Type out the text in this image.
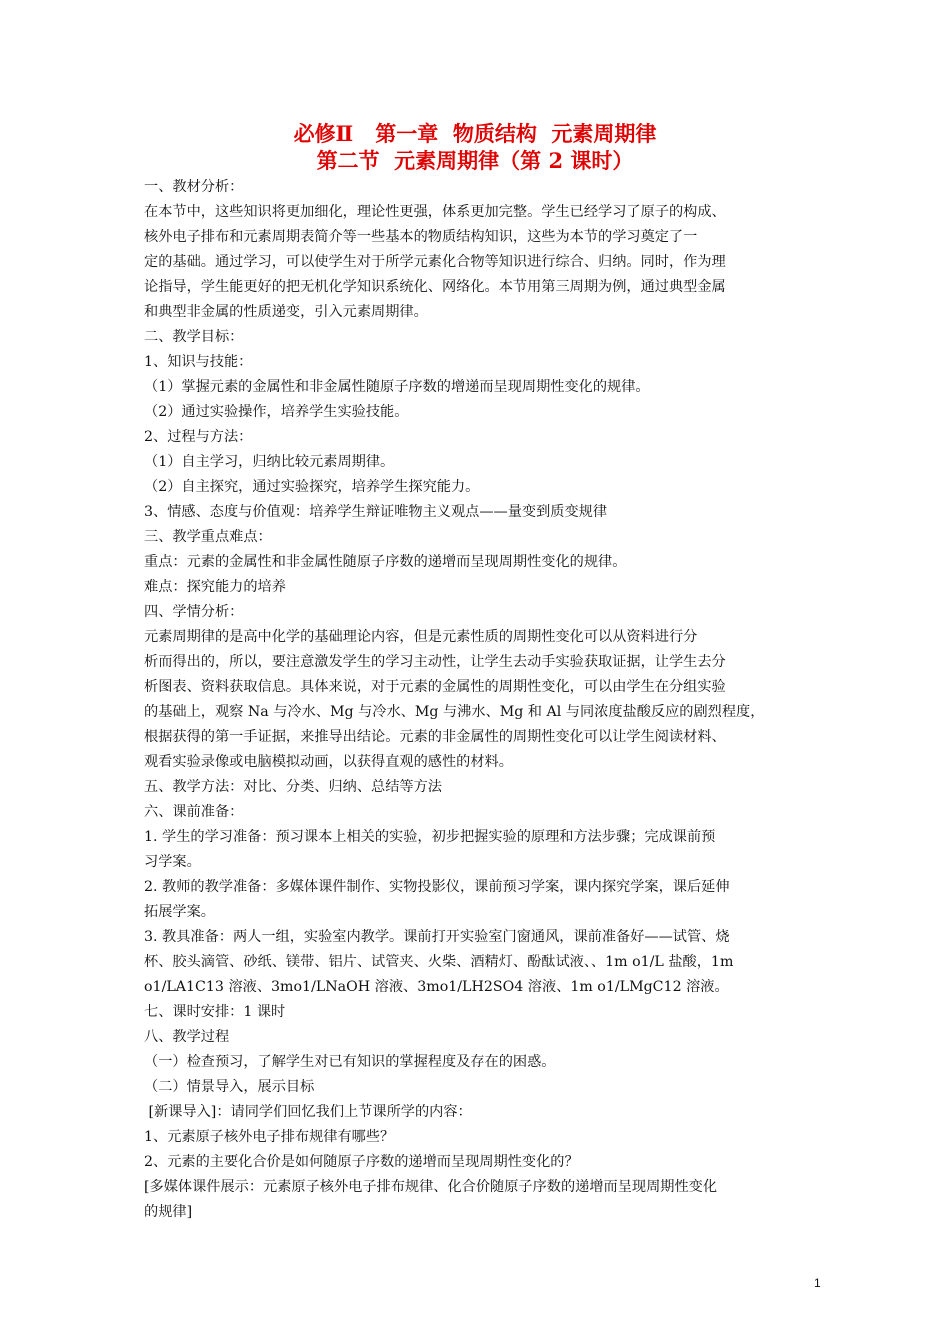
必修Ⅱ   第一章  物质结构  元素周期律
第二节  元素周期律（第 2 课时）
一、教材分析：
在本节中，这些知识将更加细化，理论性更强，体系更加完整。学生已经学习了原子的构成、
核外电子排布和元素周期表简介等一些基本的物质结构知识，这些为本节的学习奠定了一
定的基础。通过学习，可以使学生对于所学元素化合物等知识进行综合、归纳。同时，作为理
论指导，学生能更好的把无机化学知识系统化、网络化。本节用第三周期为例，通过典型金属
和典型非金属的性质递变，引入元素周期律。
二、教学目标：
1、知识与技能：
（1）掌握元素的金属性和非金属性随原子序数的增递而呈现周期性变化的规律。
（2）通过实验操作，培养学生实验技能。
2、过程与方法：
（1）自主学习，归纳比较元素周期律。
（2）自主探究，通过实验探究，培养学生探究能力。
3、情感、态度与价值观：培养学生辩证唯物主义观点——量变到质变规律
三、教学重点难点：
重点：元素的金属性和非金属性随原子序数的递增而呈现周期性变化的规律。
难点：探究能力的培养
四、学情分析：
元素周期律的是高中化学的基础理论内容，但是元素性质的周期性变化可以从资料进行分
析而得出的，所以，要注意激发学生的学习主动性，让学生去动手实验获取证据，让学生去分
析图表、资料获取信息。具体来说，对于元素的金属性的周期性变化，可以由学生在分组实验
的基础上，观察 Na 与冷水、Mg 与冷水、Mg 与沸水、Mg 和 Al 与同浓度盐酸反应的剧烈程度，
根据获得的第一手证据，来推导出结论。元素的非金属性的周期性变化可以让学生阅读材料、
观看实验录像或电脑模拟动画，以获得直观的感性的材料。
五、教学方法：对比、分类、归纳、总结等方法
六、课前准备：
1. 学生的学习准备：预习课本上相关的实验，初步把握实验的原理和方法步骤；完成课前预
习学案。
2. 教师的教学准备：多媒体课件制作、实物投影仪，课前预习学案，课内探究学案，课后延伸
拓展学案。
3. 教具准备：两人一组，实验室内教学。课前打开实验室门窗通风，课前准备好——试管、烧
杯、胶头滴管、砂纸、镁带、铝片、试管夹、火柴、酒精灯、酚酞试液、、1m o1/L 盐酸，1m
o1/LA1C13 溶液、3mo1/LNaOH 溶液、3mo1/LH2SO4 溶液、1m o1/LMgC12 溶液。
七、课时安排：1 课时
八、教学过程
（一）检查预习，了解学生对已有知识的掌握程度及存在的困惑。
（二）情景导入，展示目标
[新课导入]：请同学们回忆我们上节课所学的内容：
1、元素原子核外电子排布规律有哪些？
2、元素的主要化合价是如何随原子序数的递增而呈现周期性变化的？
[多媒体课件展示：元素原子核外电子排布规律、化合价随原子序数的递增而呈现周期性变化
的规律]
1
